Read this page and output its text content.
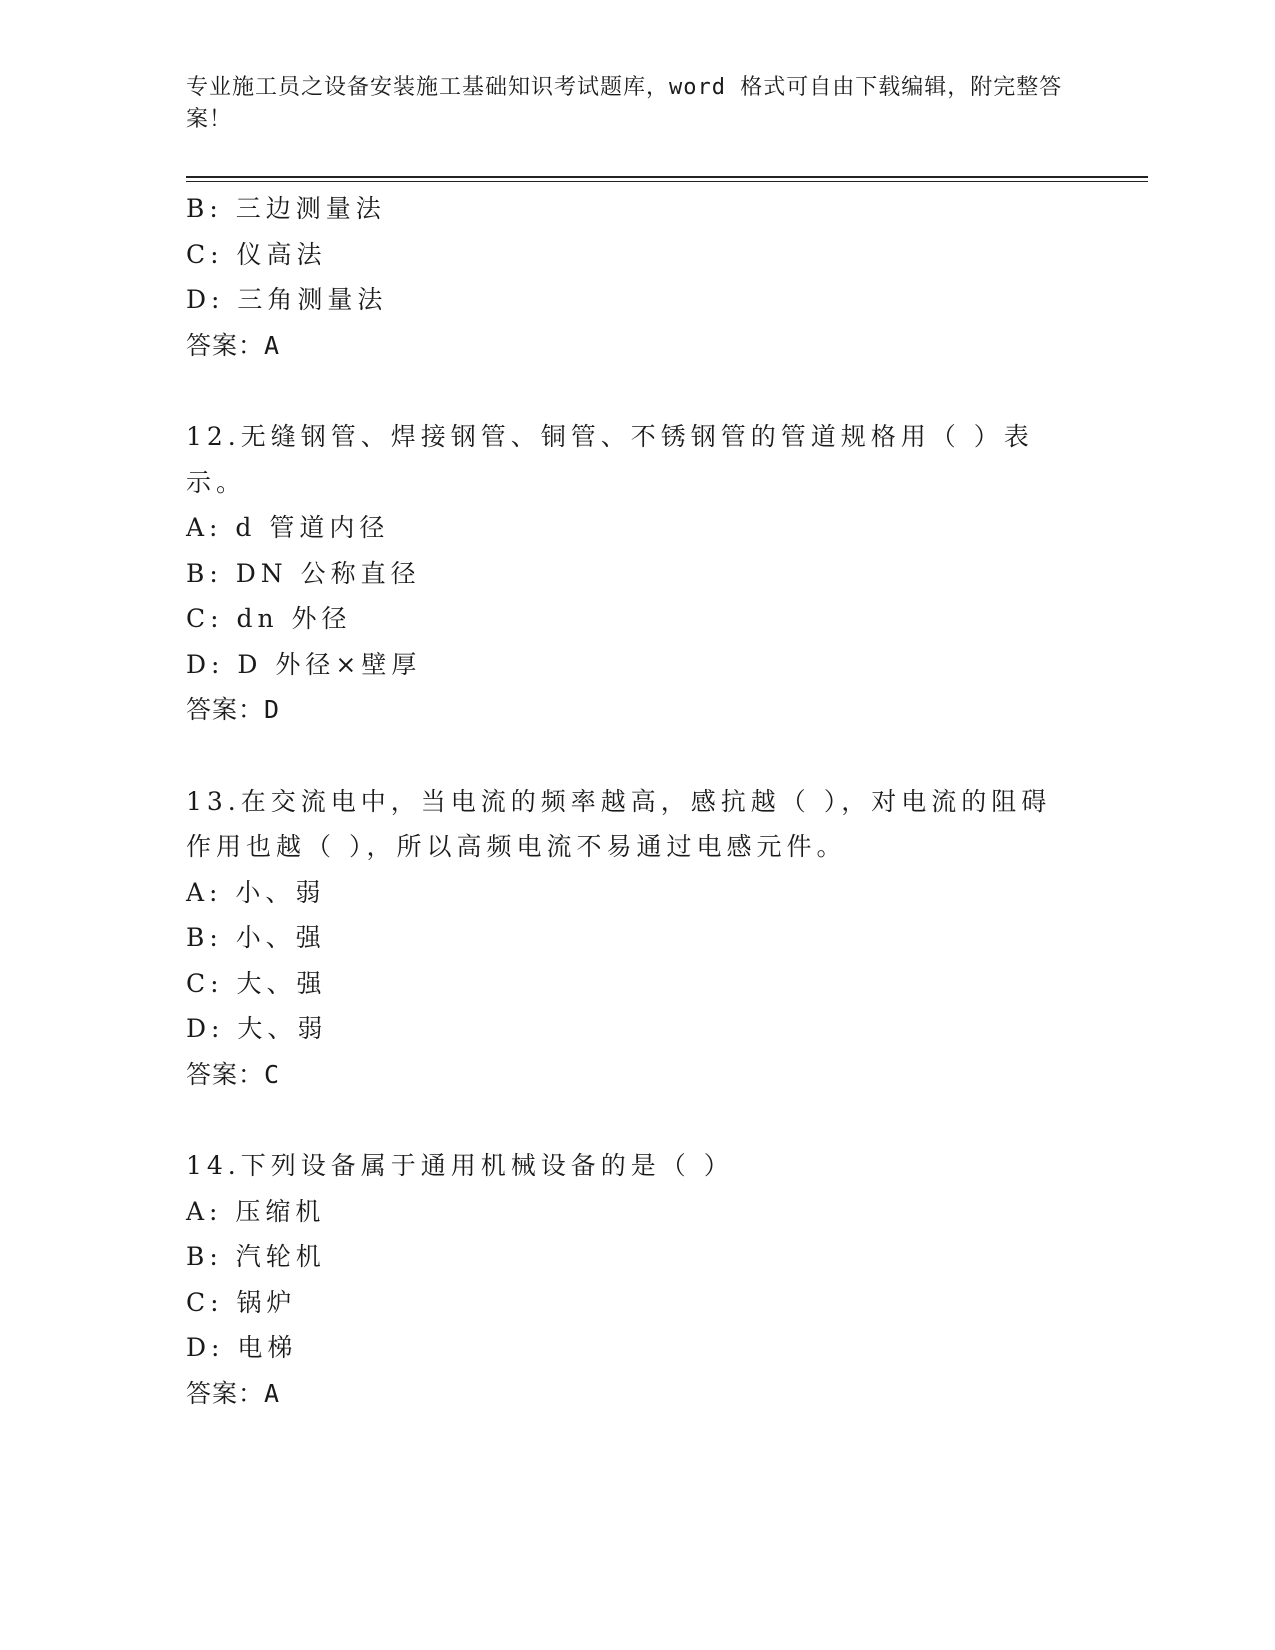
专业施工员之设备安装施工基础知识考试题库，word 格式可自由下载编辑，附完整答案！
B: 三边测量法
C: 仪高法
D: 三角测量法
答案：A
12.无缝钢管、焊接钢管、铜管、不锈钢管的管道规格用（ ）表示。
A: d 管道内径
B: DN 公称直径
C: dn 外径
D: D 外径×壁厚
答案：D
13.在交流电中，当电流的频率越高，感抗越（ ），对电流的阻碍作用也越（ ），所以高频电流不易通过电感元件。
A: 小、弱
B: 小、强
C: 大、强
D: 大、弱
答案：C
14.下列设备属于通用机械设备的是（ ）
A: 压缩机
B: 汽轮机
C: 锅炉
D: 电梯
答案：A
